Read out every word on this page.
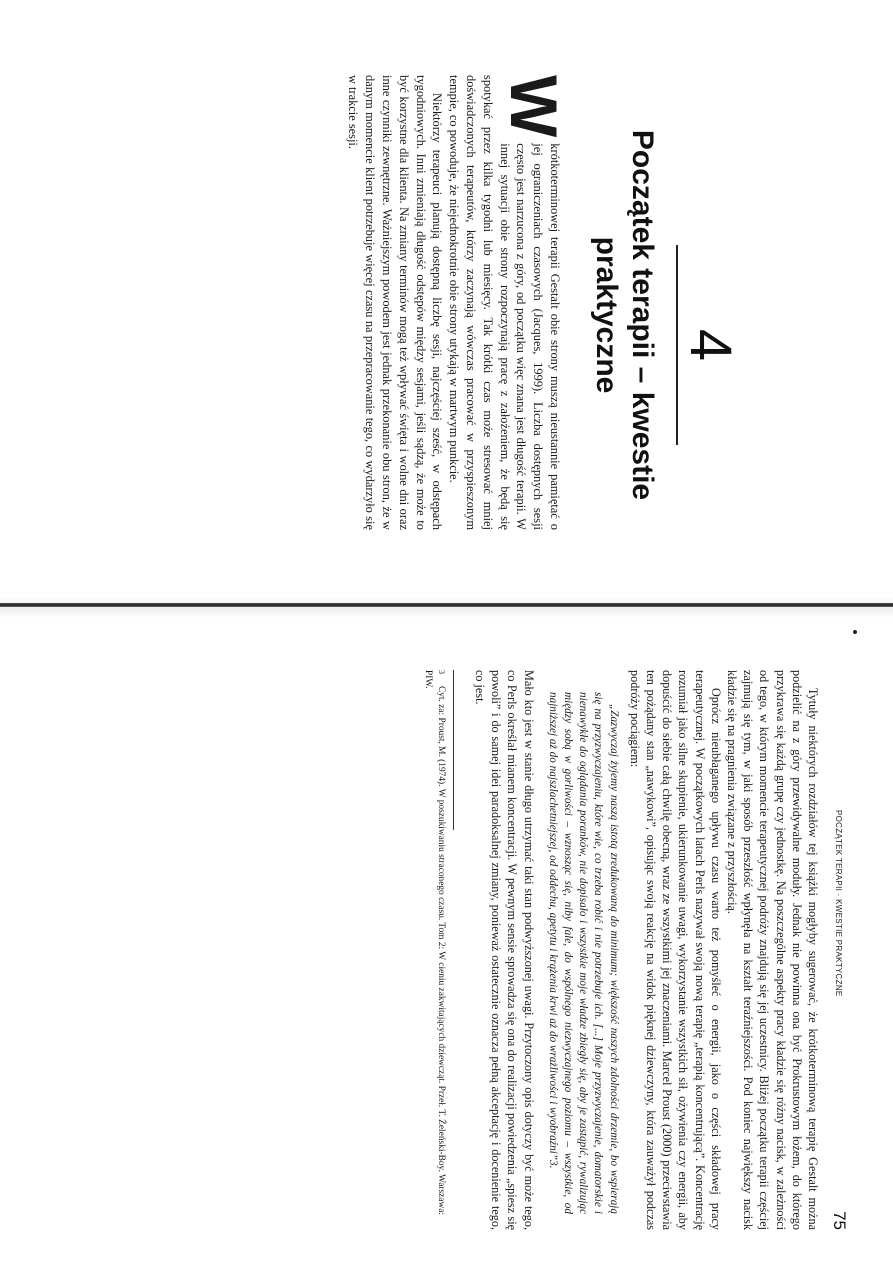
4
Początek terapii – kwestie praktyczne

W
krótkoterminowej terapii Gestalt obie strony muszą nieustannie pamiętać o jej ograniczeniach czasowych (Jacques, 1999). Liczba dostępnych sesji często jest narzucona z góry, od początku więc znana jest długość terapii. W innej sytuacji obie strony rozpoczynają pracę z założeniem, że będą się spotykać przez kilka tygodni lub miesięcy. Tak krótki czas może stresować mniej doświadczonych terapeutów, którzy zaczynają wówczas pracować w przyspieszonym tempie, co powoduje, że niejednokrotnie obie strony utykają w martwym punkcie.

Niektórzy terapeuci planują dostępną liczbę sesji, najczęściej sześć, w odstępach tygodniowych. Inni zmieniają długość odstępów między sesjami, jeśli sądzą, że może to być korzystne dla klienta. Na zmiany terminów mogą też wpływać święta i wolne dni oraz inne czynniki zewnętrzne. Ważniejszym powodem jest jednak przekonanie obu stron, że w danym momencie klient potrzebuje więcej czasu na przepracowanie tego, co wydarzyło się w trakcie sesji.

POCZĄTEK TERAPII · KWESTIE PRAKTYCZNE
75

Tytuły niektórych rozdziałów tej książki mogłyby sugerować, że krótkoterminową terapię Gestalt można podzielić na z góry przewidywalne moduły. Jednak nie powinna ona być Prokrustowym łożem, do którego przykrawa się każdą grupę czy jednostkę. Na poszczególne aspekty pracy kładzie się różny nacisk, w zależności od tego, w którym momencie terapeutycznej podróży znajdują się jej uczestnicy. Bliżej początku terapii częściej zajmują się tym, w jaki sposób przeszłość wpłynęła na kształt teraźniejszości. Pod koniec największy nacisk kładzie się na pragnienia związane z przyszłością.

Oprócz nieubłaganego upływu czasu warto też pomyśleć o energii, jako o części składowej pracy terapeutycznej. W początkowych latach Perls nazywał swoją nową terapię „terapią koncentrującą”. Koncentrację rozumiał jako silne skupienie, ukierunkowanie uwagi, wykorzystanie wszystkich sił, ożywienia czy energii, aby dopuścić do siebie całą chwilę obecną, wraz ze wszystkimi jej znaczeniami. Marcel Proust (2000) przeciwstawia ten pożądany stan „nawykowi”, opisując swoją reakcję na widok pięknej dziewczyny, która zauważył podczas podróży pociągiem:

„Zazwyczaj żyjemy naszą istotą zredukowaną do minimum; większość naszych zdolności drzemie, bo wspierają się na przyzwyczajeniu, które wie, co trzeba robić i nie potrzebuje ich. [...] Moje przyzwyczajenie, domatorskie i nienawykłe do oglądania poranków, nie dopisało i wszystkie moje władze zbiegły się, aby je zastąpić, rywalizując między sobą w gorliwości – wznosząc się, niby fale, do wspólnego niezwyczajnego poziomu – wszystkie, od najniższej aż do najszlachetniejszej, od oddechu, apetytu i krążenia krwi aż do wrażliwości i wyobraźni”3.

Mało kto jest w stanie długo utrzymać taki stan podwyższonej uwagi. Przytoczony opis dotyczy być może tego, co Perls określał mianem koncentracji. W pewnym sensie sprowadza się ona do realizacji powiedzenia „spiesz się powoli” i do samej idei paradoksalnej zmiany, ponieważ ostatecznie oznacza pełną akceptację i docenienie tego, co jest.

3Cyt. za: Proust, M. (1974). W poszukiwaniu straconego czasu. Tom 2: W cieniu zakwitających dziewcząt. Przeł. T. Żeleński-Boy. Warszawa: PIW.
